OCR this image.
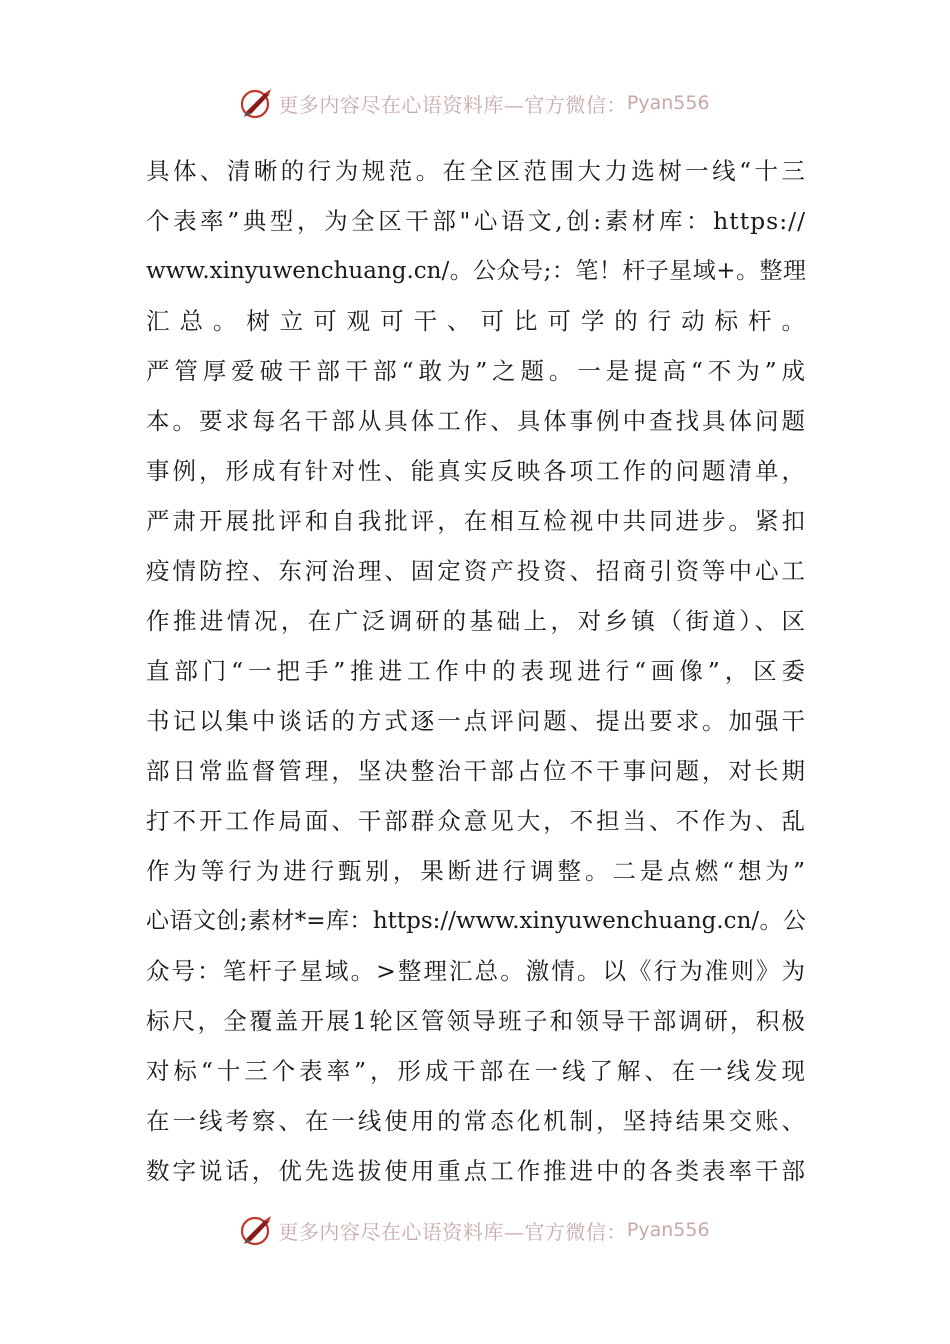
更多内容尽在心语资料库—官方微信： Pyan556
具体、清晰的行为规范。在全区范围大力选树一线“十三
个表率”典型，为全区干部"心语文,创:素材库：https://
www.xinyuwenchuang.cn/。公众号;：笔！杆子星域+。整理
汇总。树立可观可干、可比可学的行动标杆。
严管厚爱破干部干部“敢为”之题。一是提高“不为”成
本。要求每名干部从具体工作、具体事例中查找具体问题
事例，形成有针对性、能真实反映各项工作的问题清单，
严肃开展批评和自我批评，在相互检视中共同进步。紧扣
疫情防控、东河治理、固定资产投资、招商引资等中心工
作推进情况，在广泛调研的基础上，对乡镇（街道）、区
直部门“一把手”推进工作中的表现进行“画像”，区委
书记以集中谈话的方式逐一点评问题、提出要求。加强干
部日常监督管理，坚决整治干部占位不干事问题，对长期
打不开工作局面、干部群众意见大，不担当、不作为、乱
作为等行为进行甄别，果断进行调整。二是点燃“想为”
心语文创;素材*=库：https://www.xinyuwenchuang.cn/。公
众号：笔杆子星域。>整理汇总。激情。以《行为准则》为
标尺，全覆盖开展1轮区管领导班子和领导干部调研，积极
对标“十三个表率”，形成干部在一线了解、在一线发现
在一线考察、在一线使用的常态化机制，坚持结果交账、
数字说话，优先选拔使用重点工作推进中的各类表率干部
更多内容尽在心语资料库—官方微信： Pyan556
